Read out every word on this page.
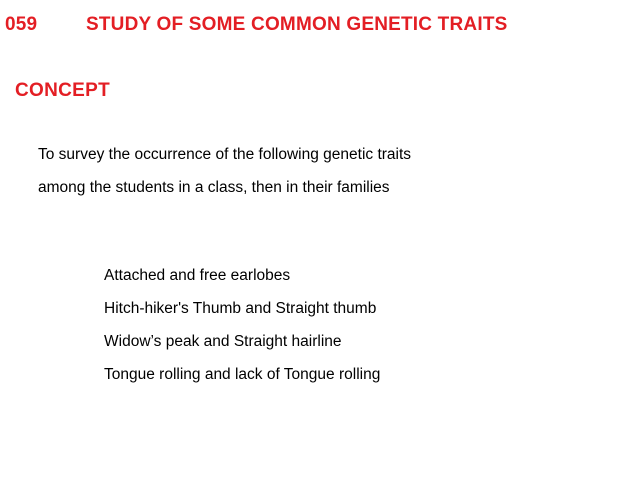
059	STUDY OF SOME COMMON GENETIC TRAITS
CONCEPT

To survey the occurrence of the following genetic traits

among the students in a class, then in their families

Attached and free earlobes
Hitch-hiker's Thumb and Straight thumb
Widow’s peak and Straight hairline
Tongue rolling and lack of Tongue rolling
